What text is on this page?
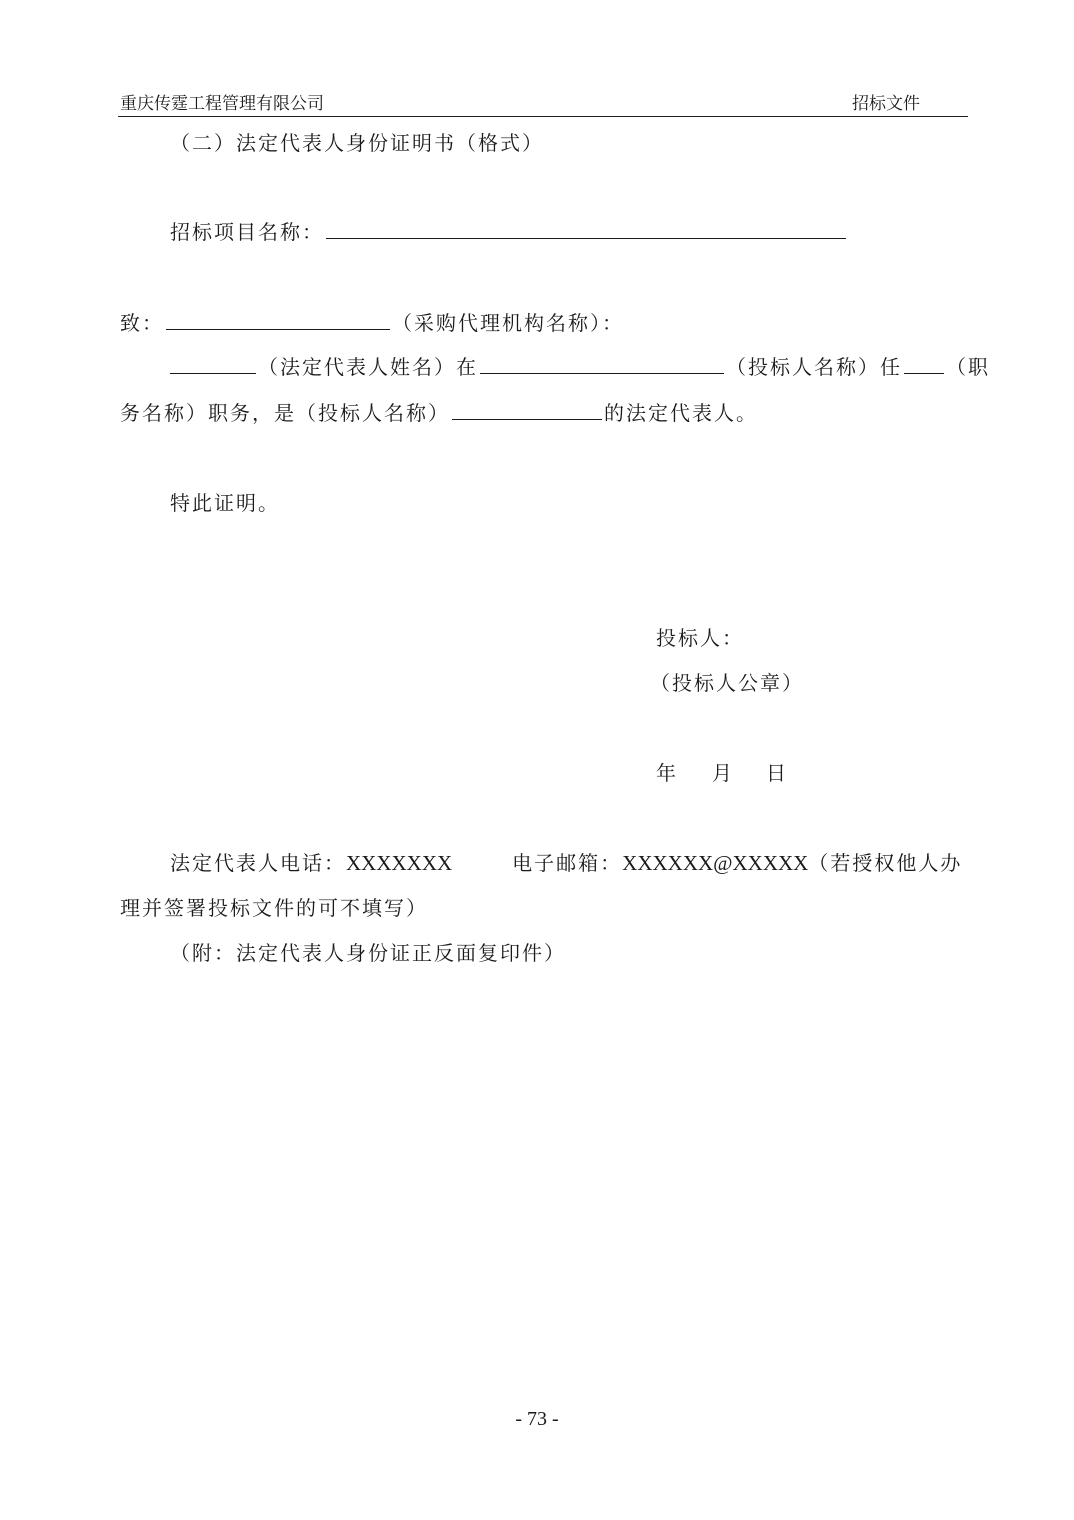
重庆传霆工程管理有限公司	招标文件
（二）法定代表人身份证明书（格式）
招标项目名称：
致：	（采购代理机构名称）：
（法定代表人姓名）在	（投标人名称）任 （职
务名称）职务，是（投标人名称）	的法定代表人。
特此证明。
投标人：
（投标人公章）
年 月 日
法定代表人电话：XXXXXXX	电子邮箱：XXXXXX@XXXXX（若授权他人办
理并签署投标文件的可不填写）
（附：法定代表人身份证正反面复印件）
- 73 -
